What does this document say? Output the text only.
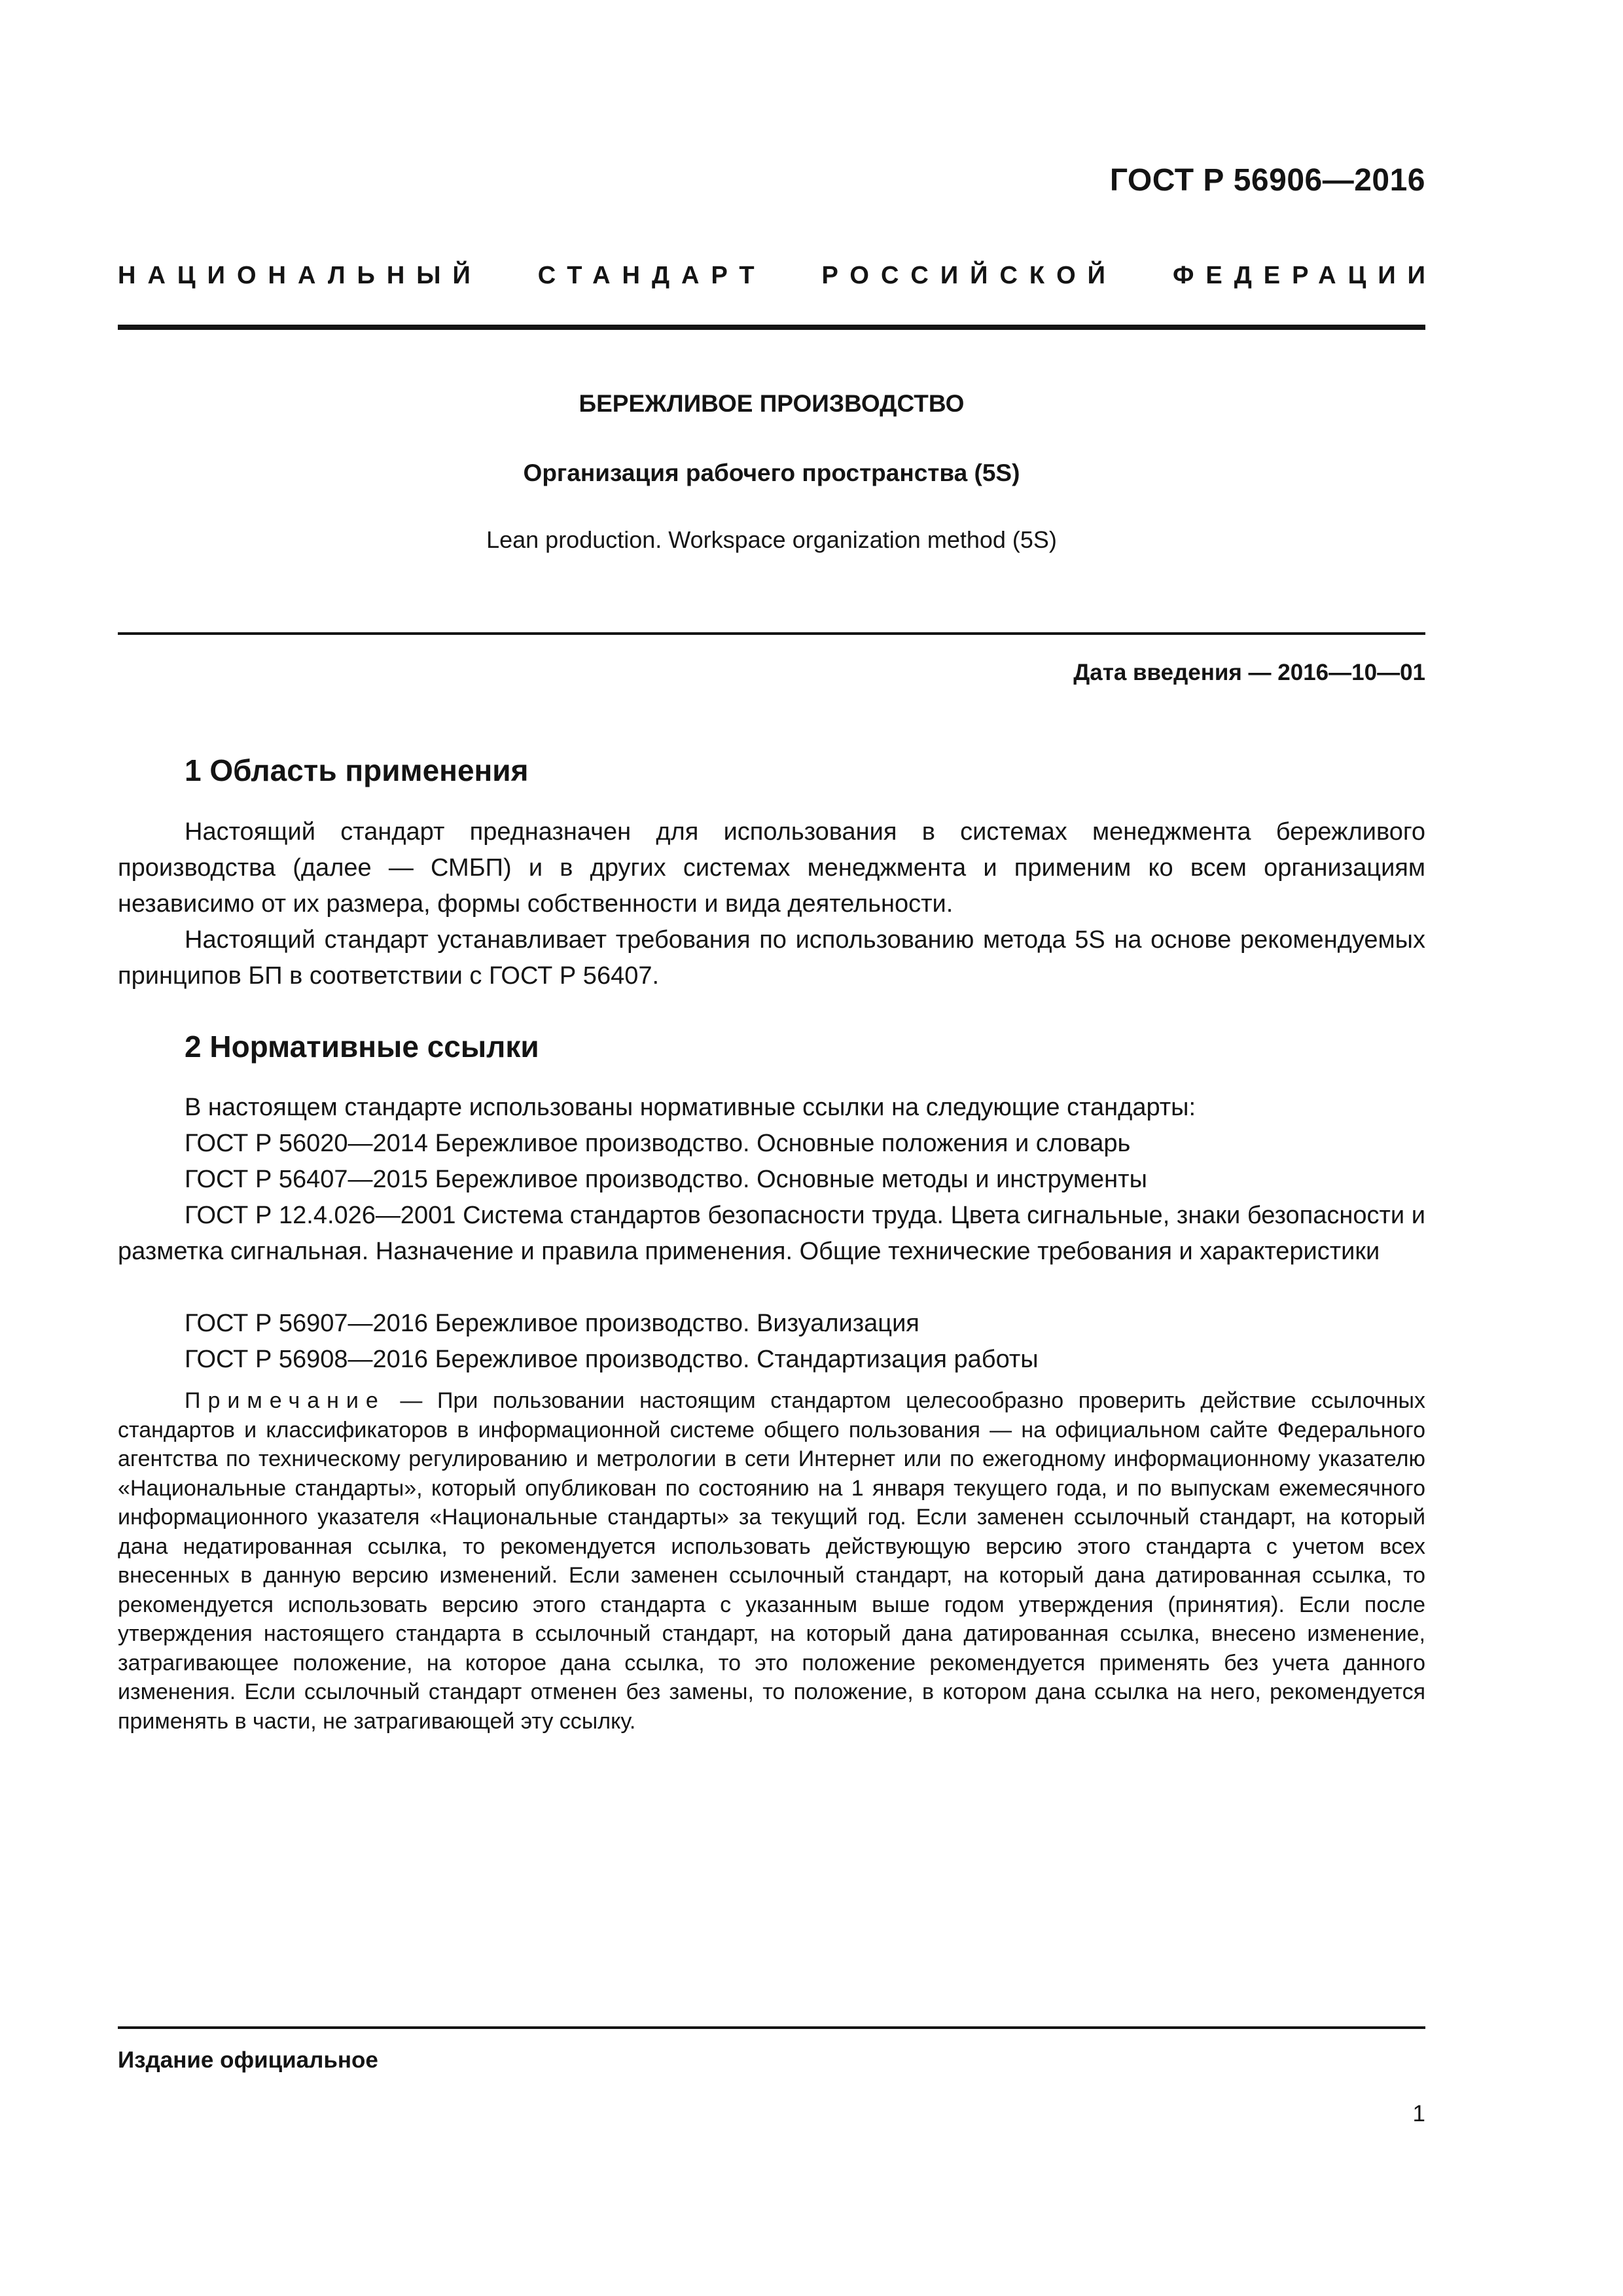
ГОСТ Р 56906—2016
НАЦИОНАЛЬНЫЙ СТАНДАРТ РОССИЙСКОЙ ФЕДЕРАЦИИ
БЕРЕЖЛИВОЕ ПРОИЗВОДСТВО
Организация рабочего пространства (5S)
Lean production. Workspace organization method (5S)
Дата введения — 2016—10—01
1 Область применения
Настоящий стандарт предназначен для использования в системах менеджмента бережливого производства (далее — СМБП) и в других системах менеджмента и применим ко всем организациям независимо от их размера, формы собственности и вида деятельности.
Настоящий стандарт устанавливает требования по использованию метода 5S на основе рекомендуемых принципов БП в соответствии с ГОСТ Р 56407.
2 Нормативные ссылки
В настоящем стандарте использованы нормативные ссылки на следующие стандарты:
ГОСТ Р 56020—2014 Бережливое производство. Основные положения и словарь
ГОСТ Р 56407—2015 Бережливое производство. Основные методы и инструменты
ГОСТ Р 12.4.026—2001 Система стандартов безопасности труда. Цвета сигнальные, знаки безопасности и разметка сигнальная. Назначение и правила применения. Общие технические требования и характеристики
ГОСТ Р 56907—2016 Бережливое производство. Визуализация
ГОСТ Р 56908—2016 Бережливое производство. Стандартизация работы
Примечание — При пользовании настоящим стандартом целесообразно проверить действие ссылочных стандартов и классификаторов в информационной системе общего пользования — на официальном сайте Федерального агентства по техническому регулированию и метрологии в сети Интернет или по ежегодному информационному указателю «Национальные стандарты», который опубликован по состоянию на 1 января текущего года, и по выпускам ежемесячного информационного указателя «Национальные стандарты» за текущий год. Если заменен ссылочный стандарт, на который дана недатированная ссылка, то рекомендуется использовать действующую версию этого стандарта с учетом всех внесенных в данную версию изменений. Если заменен ссылочный стандарт, на который дана датированная ссылка, то рекомендуется использовать версию этого стандарта с указанным выше годом утверждения (принятия). Если после утверждения настоящего стандарта в ссылочный стандарт, на который дана датированная ссылка, внесено изменение, затрагивающее положение, на которое дана ссылка, то это положение рекомендуется применять без учета данного изменения. Если ссылочный стандарт отменен без замены, то положение, в котором дана ссылка на него, рекомендуется применять в части, не затрагивающей эту ссылку.
Издание официальное
1
